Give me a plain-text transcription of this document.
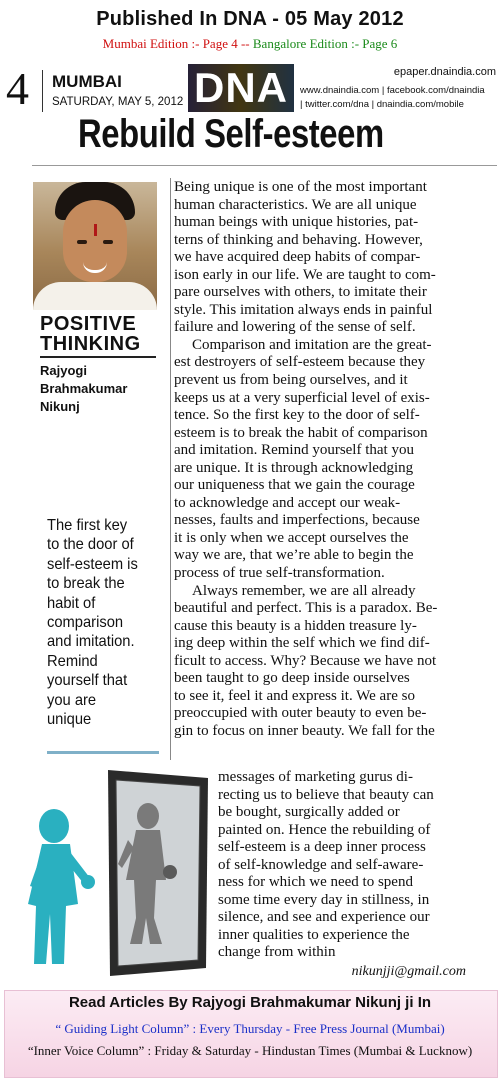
Published In DNA - 05 May 2012
Mumbai Edition :- Page 4 -- Bangalore Edition :- Page 6
4 MUMBAI
SATURDAY, MAY 5, 2012 DNA	epaper.dnaindia.com
www.dnaindia.com | facebook.com/dnaindia
| twitter.com/dna | dnaindia.com/mobile
Rebuild Self-esteem
POSITIVE
THINKING
Rajyogi
Brahmakumar
Nikunj
The first key
to the door of
self-esteem is
to break the
habit of
comparison
and imitation.
Remind
yourself that
you are
unique
Being unique is one of the most important
human characteristics. We are all unique
human beings with unique histories, pat-
terns of thinking and behaving. However,
we have acquired deep habits of compar-
ison early in our life. We are taught to com-
pare ourselves with others, to imitate their
style. This imitation always ends in painful
failure and lowering of the sense of self.
Comparison and imitation are the great-
est destroyers of self-esteem because they
prevent us from being ourselves, and it
keeps us at a very superficial level of exis-
tence. So the first key to the door of self-
esteem is to break the habit of comparison
and imitation. Remind yourself that you
are unique. It is through acknowledging
our uniqueness that we gain the courage
to acknowledge and accept our weak-
nesses, faults and imperfections, because
it is only when we accept ourselves the
way we are, that we’re able to begin the
process of true self-transformation.
Always remember, we are all already
beautiful and perfect. This is a paradox. Be-
cause this beauty is a hidden treasure ly-
ing deep within the self which we find dif-
ficult to access. Why? Because we have not
been taught to go deep inside ourselves
to see it, feel it and express it. We are so
preoccupied with outer beauty to even be-
gin to focus on inner beauty. We fall for the
messages of marketing gurus di-
recting us to believe that beauty can
be bought, surgically added or
painted on. Hence the rebuilding of
self-esteem is a deep inner process
of self-knowledge and self-aware-
ness for which we need to spend
some time every day in stillness, in
silence, and see and experience our
inner qualities to experience the
change from within
nikunjji@gmail.com
Read Articles By Rajyogi Brahmakumar Nikunj ji In
“ Guiding Light Column” : Every Thursday - Free Press Journal (Mumbai)
“Inner Voice Column” : Friday & Saturday - Hindustan Times (Mumbai & Lucknow)
